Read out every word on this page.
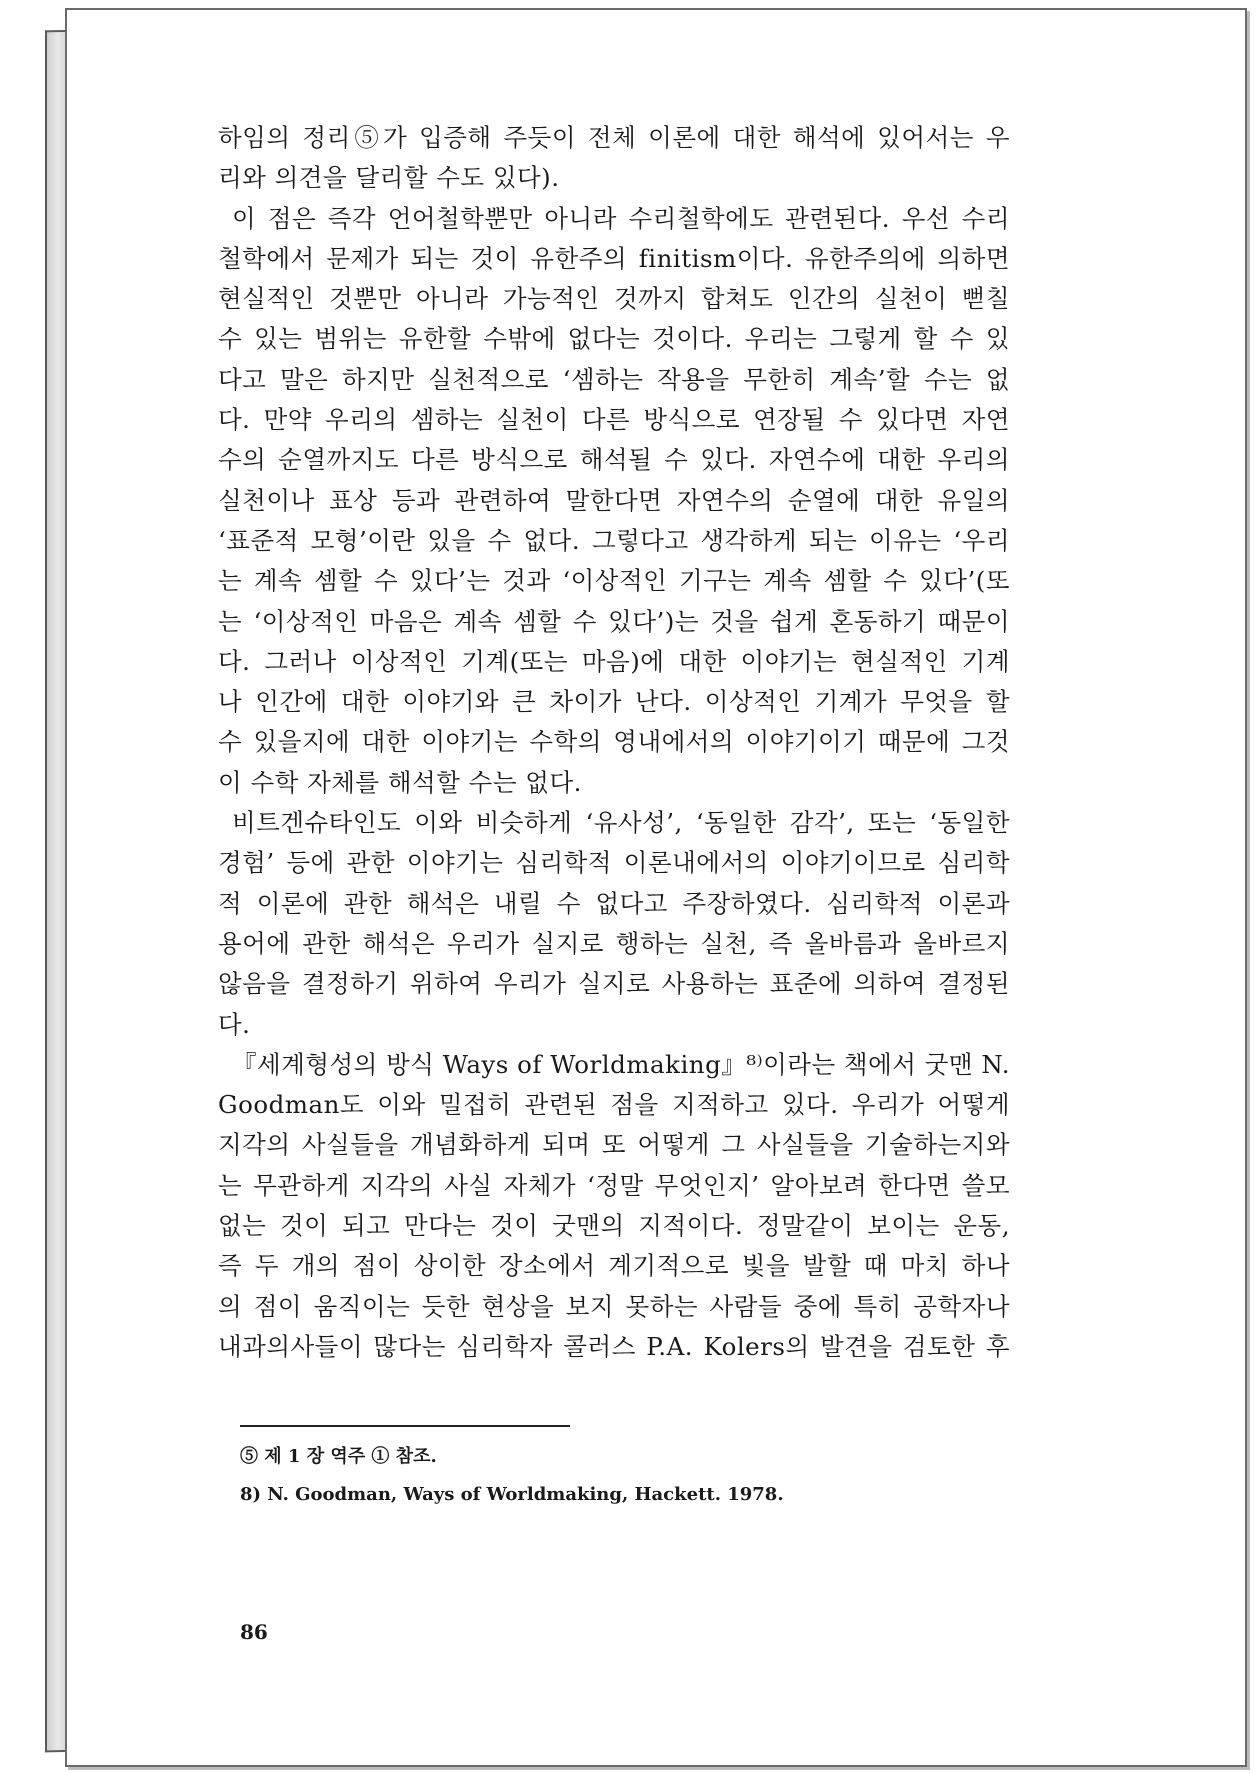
하임의 정리⑤가 입증해 주듯이 전체 이론에 대한 해석에 있어서는 우
리와 의견을 달리할 수도 있다).
이 점은 즉각 언어철학뿐만 아니라 수리철학에도 관련된다. 우선 수리
철학에서 문제가 되는 것이 유한주의 finitism이다. 유한주의에 의하면
현실적인 것뿐만 아니라 가능적인 것까지 합쳐도 인간의 실천이 뻗칠
수 있는 범위는 유한할 수밖에 없다는 것이다. 우리는 그렇게 할 수 있
다고 말은 하지만 실천적으로 ‘셈하는 작용을 무한히 계속’할 수는 없
다. 만약 우리의 셈하는 실천이 다른 방식으로 연장될 수 있다면 자연
수의 순열까지도 다른 방식으로 해석될 수 있다. 자연수에 대한 우리의
실천이나 표상 등과 관련하여 말한다면 자연수의 순열에 대한 유일의
‘표준적 모형’이란 있을 수 없다. 그렇다고 생각하게 되는 이유는 ‘우리
는 계속 셈할 수 있다’는 것과 ‘이상적인 기구는 계속 셈할 수 있다’(또
는 ‘이상적인 마음은 계속 셈할 수 있다’)는 것을 쉽게 혼동하기 때문이
다. 그러나 이상적인 기계(또는 마음)에 대한 이야기는 현실적인 기계
나 인간에 대한 이야기와 큰 차이가 난다. 이상적인 기계가 무엇을 할
수 있을지에 대한 이야기는 수학의 영내에서의 이야기이기 때문에 그것
이 수학 자체를 해석할 수는 없다.
비트겐슈타인도 이와 비슷하게 ‘유사성’, ‘동일한 감각’, 또는 ‘동일한
경험’ 등에 관한 이야기는 심리학적 이론내에서의 이야기이므로 심리학
적 이론에 관한 해석은 내릴 수 없다고 주장하였다. 심리학적 이론과
용어에 관한 해석은 우리가 실지로 행하는 실천, 즉 올바름과 올바르지
않음을 결정하기 위하여 우리가 실지로 사용하는 표준에 의하여 결정된
다.
『세계형성의 방식 Ways of Worldmaking』⁸⁾이라는 책에서 굿맨 N.
Goodman도 이와 밀접히 관련된 점을 지적하고 있다. 우리가 어떻게
지각의 사실들을 개념화하게 되며 또 어떻게 그 사실들을 기술하는지와
는 무관하게 지각의 사실 자체가 ‘정말 무엇인지’ 알아보려 한다면 쓸모
없는 것이 되고 만다는 것이 굿맨의 지적이다. 정말같이 보이는 운동,
즉 두 개의 점이 상이한 장소에서 계기적으로 빛을 발할 때 마치 하나
의 점이 움직이는 듯한 현상을 보지 못하는 사람들 중에 특히 공학자나
내과의사들이 많다는 심리학자 콜러스 P.A. Kolers의 발견을 검토한 후
⑤ 제 1 장 역주 ① 참조.
8) N. Goodman, Ways of Worldmaking, Hackett. 1978.
86
